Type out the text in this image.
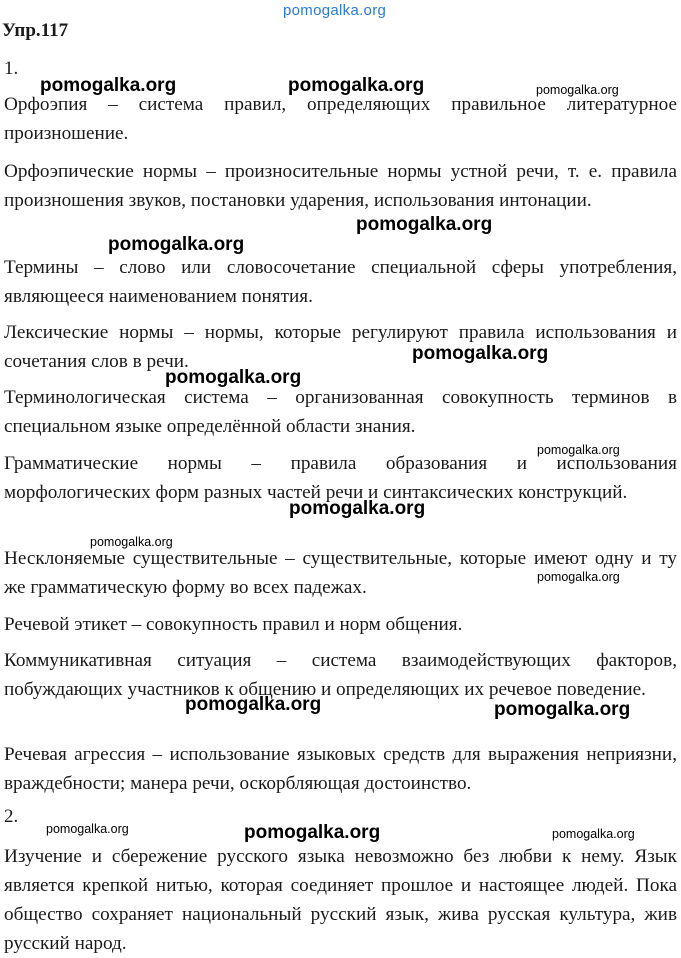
pomogalka.org
Упр.117
1.
Орфоэпия – система правил, определяющих правильное литературное произношение.
Орфоэпические нормы – произносительные нормы устной речи, т. е. правила произношения звуков, постановки ударения, использования интонации.
Термины – слово или словосочетание специальной сферы употребления, являющееся наименованием понятия.
Лексические нормы – нормы, которые регулируют правила использования и сочетания слов в речи.
Терминологическая система – организованная совокупность терминов в специальном языке определённой области знания.
Грамматические нормы – правила образования и использования морфологических форм разных частей речи и синтаксических конструкций.
Несклоняемые существительные – существительные, которые имеют одну и ту же грамматическую форму во всех падежах.
Речевой этикет – совокупность правил и норм общения.
Коммуникативная ситуация – система взаимодействующих факторов, побуждающих участников к общению и определяющих их речевое поведение.
Речевая агрессия – использование языковых средств для выражения неприязни, враждебности; манера речи, оскорбляющая достоинство.
2.
Изучение и сбережение русского языка невозможно без любви к нему. Язык является крепкой нитью, которая соединяет прошлое и настоящее людей. Пока общество сохраняет национальный русский язык, жива русская культура, жив русский народ.
pomogalka.org	pomogalka.org	pomogalka.org
pomogalka.org
pomogalka.org
pomogalka.org
pomogalka.org
pomogalka.org
pomogalka.org
pomogalka.org
pomogalka.org
pomogalka.org	pomogalka.org
pomogalka.org	pomogalka.org	pomogalka.org
